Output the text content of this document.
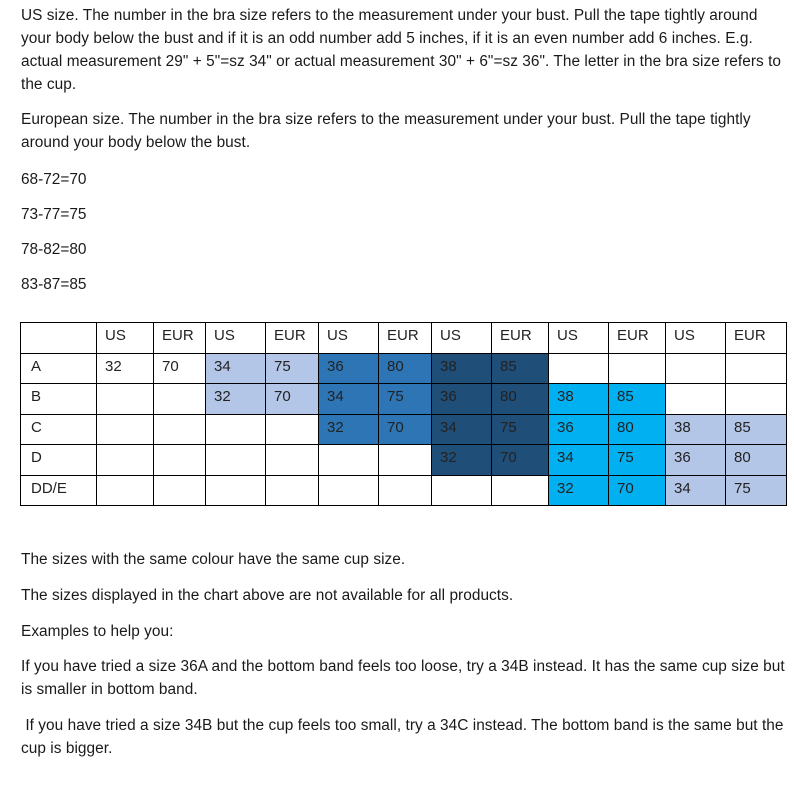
US size. The number in the bra size refers to the measurement under your bust. Pull the tape tightly around your body below the bust and if it is an odd number add 5 inches, if it is an even number add 6 inches. E.g. actual measurement 29" + 5"=sz 34" or actual measurement 30" + 6"=sz 36". The letter in the bra size refers to the cup.

European size. The number in the bra size refers to the measurement under your bust. Pull the tape tightly around your body below the bust.

68-72=70
73-77=75
78-82=80
83-87=85
	US	EUR	US	EUR	US	EUR	US	EUR	US	EUR	US	EUR
A	32	70	34	75	36	80	38	85				
B			32	70	34	75	36	80	38	85		
C					32	70	34	75	36	80	38	85
D							32	70	34	75	36	80
DD/E									32	70	34	75

The sizes with the same colour have the same cup size.

The sizes displayed in the chart above are not available for all products.

Examples to help you:

If you have tried a size 36A and the bottom band feels too loose, try a 34B instead. It has the same cup size but is smaller in bottom band.

If you have tried a size 34B but the cup feels too small, try a 34C instead. The bottom band is the same but the cup is bigger.
